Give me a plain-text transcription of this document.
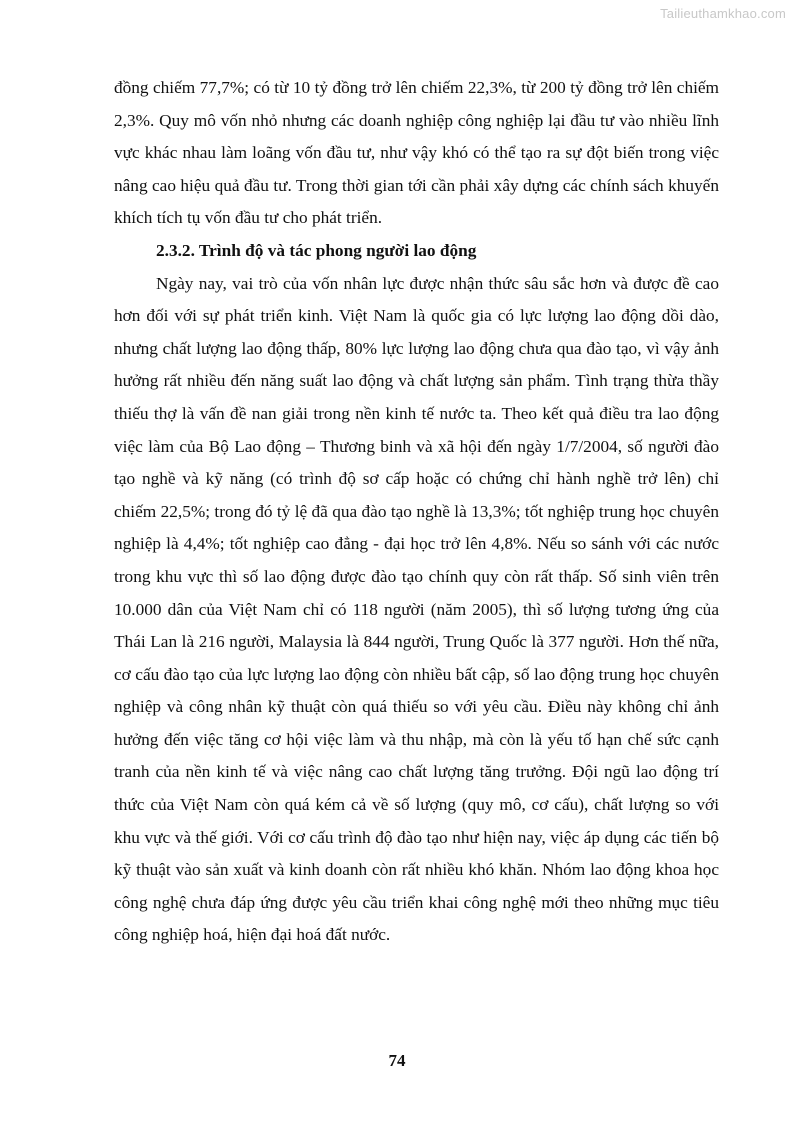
Tailieuthamkhao.com

đồng chiếm 77,7%; có từ 10 tỷ đồng trở lên chiếm 22,3%, từ 200 tỷ đồng trở lên chiếm 2,3%. Quy mô vốn nhỏ nhưng các doanh nghiệp công nghiệp lại đầu tư vào nhiều lĩnh vực khác nhau làm loãng vốn đầu tư, như vậy khó có thể tạo ra sự đột biến trong việc nâng cao hiệu quả đầu tư. Trong thời gian tới cần phải xây dựng các chính sách khuyến khích tích tụ vốn đầu tư cho phát triển.

2.3.2. Trình độ và tác phong người lao động

Ngày nay, vai trò của vốn nhân lực được nhận thức sâu sắc hơn và được đề cao hơn đối với sự phát triển kinh. Việt Nam là quốc gia có lực lượng lao động dồi dào, nhưng chất lượng lao động thấp, 80% lực lượng lao động chưa qua đào tạo, vì vậy ảnh hưởng rất nhiều đến năng suất lao động và chất lượng sản phẩm. Tình trạng thừa thầy thiếu thợ là vấn đề nan giải trong nền kinh tế nước ta. Theo kết quả điều tra lao động việc làm của Bộ Lao động – Thương binh và xã hội đến ngày 1/7/2004, số người đào tạo nghề và kỹ năng (có trình độ sơ cấp hoặc có chứng chỉ hành nghề trở lên) chỉ chiếm 22,5%; trong đó tỷ lệ đã qua đào tạo nghề là 13,3%; tốt nghiệp trung học chuyên nghiệp là 4,4%; tốt nghiệp cao đẳng - đại học trở lên 4,8%. Nếu so sánh với các nước trong khu vực thì số lao động được đào tạo chính quy còn rất thấp. Số sinh viên trên 10.000 dân của Việt Nam chỉ có 118 người (năm 2005), thì số lượng tương ứng của Thái Lan là 216 người, Malaysia là 844 người, Trung Quốc là 377 người. Hơn thế nữa, cơ cấu đào tạo của lực lượng lao động còn nhiều bất cập, số lao động trung học chuyên nghiệp và công nhân kỹ thuật còn quá thiếu so với yêu cầu. Điều này không chỉ ảnh hưởng đến việc tăng cơ hội việc làm và thu nhập, mà còn là yếu tố hạn chế sức cạnh tranh của nền kinh tế và việc nâng cao chất lượng tăng trưởng. Đội ngũ lao động trí thức của Việt Nam còn quá kém cả về số lượng (quy mô, cơ cấu), chất lượng so với khu vực và thế giới. Với cơ cấu trình độ đào tạo như hiện nay, việc áp dụng các tiến bộ kỹ thuật vào sản xuất và kinh doanh còn rất nhiều khó khăn. Nhóm lao động khoa học công nghệ chưa đáp ứng được yêu cầu triển khai công nghệ mới theo những mục tiêu công nghiệp hoá, hiện đại hoá đất nước.

74
